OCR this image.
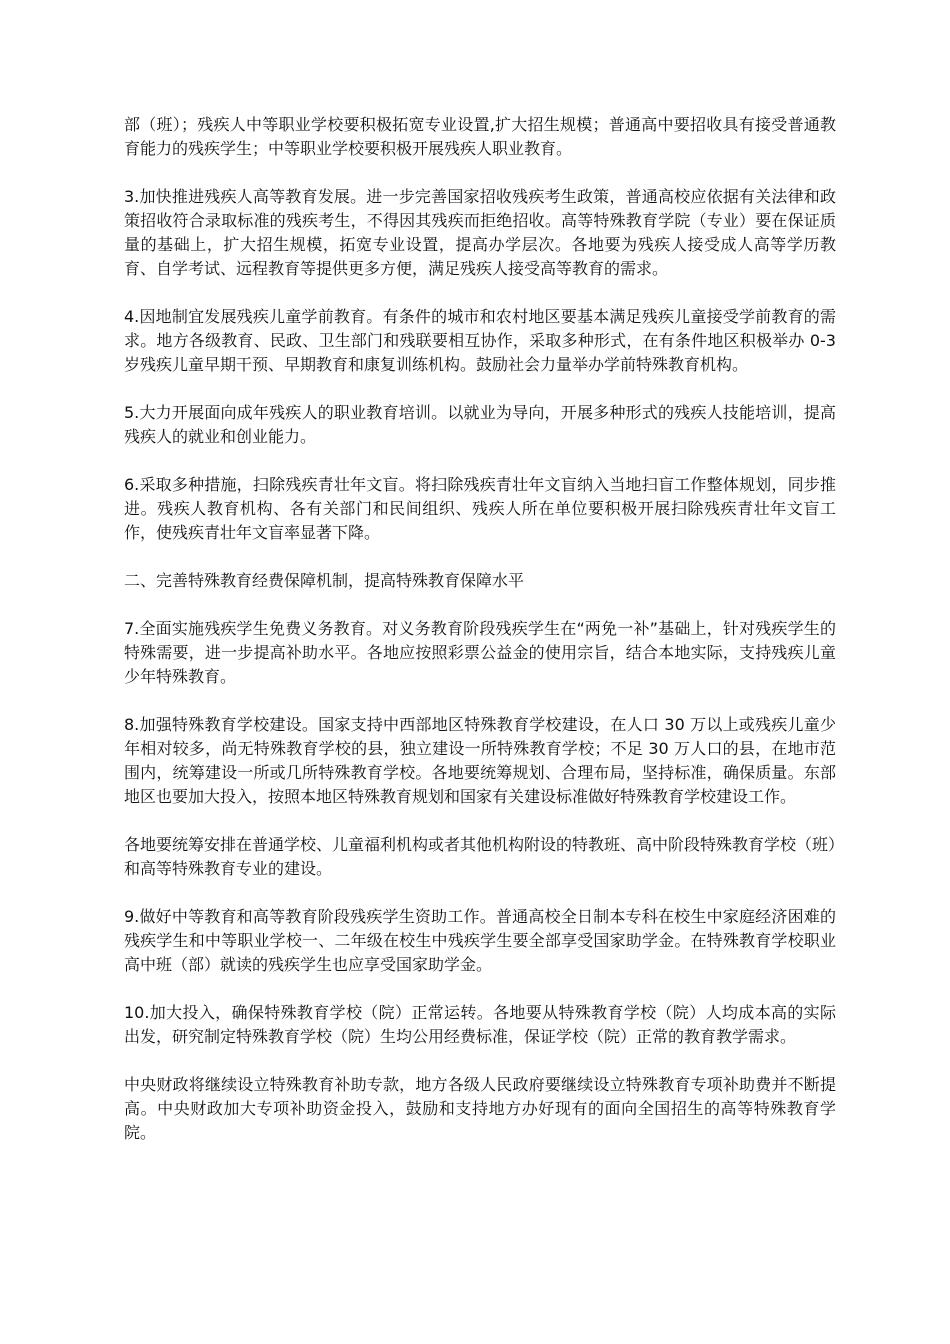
部（班）；残疾人中等职业学校要积极拓宽专业设置,扩大招生规模；普通高中要招收具有接受普通教育能力的残疾学生；中等职业学校要积极开展残疾人职业教育。

3.加快推进残疾人高等教育发展。进一步完善国家招收残疾考生政策，普通高校应依据有关法律和政策招收符合录取标准的残疾考生，不得因其残疾而拒绝招收。高等特殊教育学院（专业）要在保证质量的基础上，扩大招生规模，拓宽专业设置，提高办学层次。各地要为残疾人接受成人高等学历教育、自学考试、远程教育等提供更多方便，满足残疾人接受高等教育的需求。

4.因地制宜发展残疾儿童学前教育。有条件的城市和农村地区要基本满足残疾儿童接受学前教育的需求。地方各级教育、民政、卫生部门和残联要相互协作，采取多种形式，在有条件地区积极举办 0-3 岁残疾儿童早期干预、早期教育和康复训练机构。鼓励社会力量举办学前特殊教育机构。

5.大力开展面向成年残疾人的职业教育培训。以就业为导向，开展多种形式的残疾人技能培训，提高残疾人的就业和创业能力。

6.采取多种措施，扫除残疾青壮年文盲。将扫除残疾青壮年文盲纳入当地扫盲工作整体规划，同步推进。残疾人教育机构、各有关部门和民间组织、残疾人所在单位要积极开展扫除残疾青壮年文盲工作，使残疾青壮年文盲率显著下降。

二、完善特殊教育经费保障机制，提高特殊教育保障水平

7.全面实施残疾学生免费义务教育。对义务教育阶段残疾学生在“两免一补”基础上，针对残疾学生的特殊需要，进一步提高补助水平。各地应按照彩票公益金的使用宗旨，结合本地实际，支持残疾儿童少年特殊教育。

8.加强特殊教育学校建设。国家支持中西部地区特殊教育学校建设，在人口 30 万以上或残疾儿童少年相对较多，尚无特殊教育学校的县，独立建设一所特殊教育学校；不足 30 万人口的县，在地市范围内，统筹建设一所或几所特殊教育学校。各地要统筹规划、合理布局，坚持标准，确保质量。东部地区也要加大投入，按照本地区特殊教育规划和国家有关建设标准做好特殊教育学校建设工作。

各地要统筹安排在普通学校、儿童福利机构或者其他机构附设的特教班、高中阶段特殊教育学校（班）和高等特殊教育专业的建设。

9.做好中等教育和高等教育阶段残疾学生资助工作。普通高校全日制本专科在校生中家庭经济困难的残疾学生和中等职业学校一、二年级在校生中残疾学生要全部享受国家助学金。在特殊教育学校职业高中班（部）就读的残疾学生也应享受国家助学金。

10.加大投入，确保特殊教育学校（院）正常运转。各地要从特殊教育学校（院）人均成本高的实际出发，研究制定特殊教育学校（院）生均公用经费标准，保证学校（院）正常的教育教学需求。

中央财政将继续设立特殊教育补助专款，地方各级人民政府要继续设立特殊教育专项补助费并不断提高。中央财政加大专项补助资金投入，鼓励和支持地方办好现有的面向全国招生的高等特殊教育学院。
